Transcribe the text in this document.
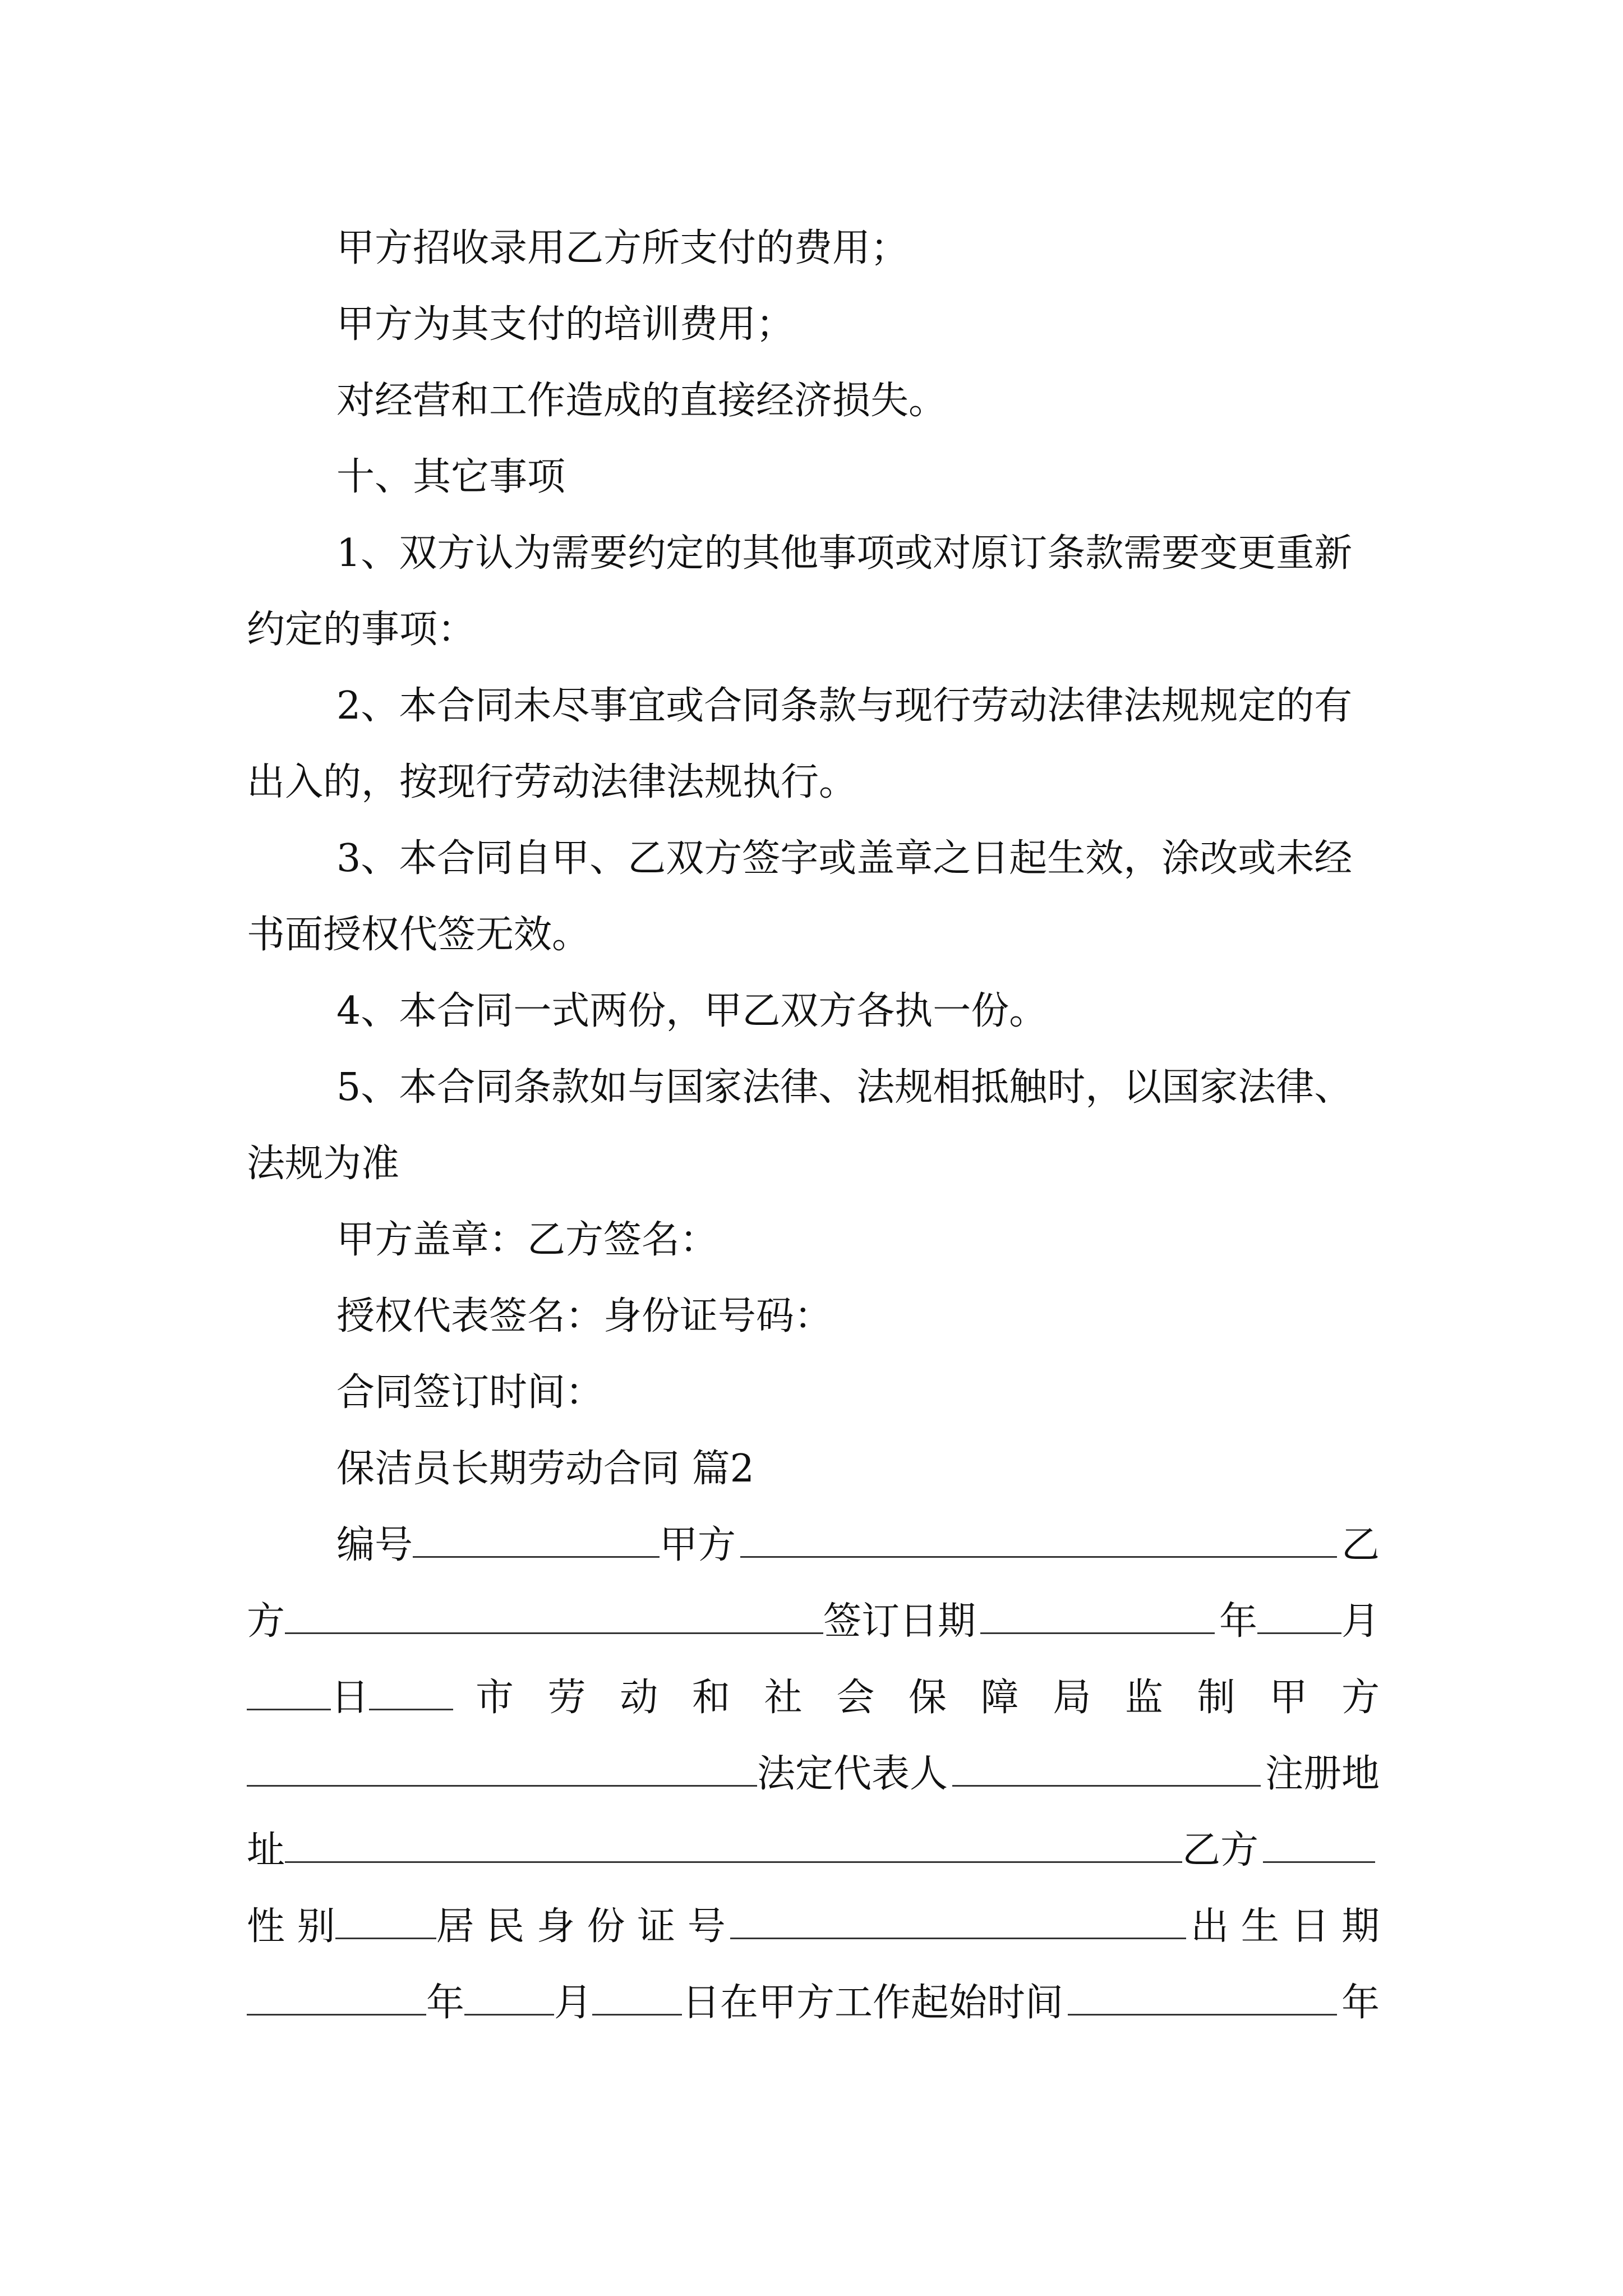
甲方招收录用乙方所支付的费用；

甲方为其支付的培训费用；

对经营和工作造成的直接经济损失。

十、其它事项

1、双方认为需要约定的其他事项或对原订条款需要变更重新约定的事项：

2、本合同未尽事宜或合同条款与现行劳动法律法规规定的有出入的，按现行劳动法律法规执行。

3、本合同自甲、乙双方签字或盖章之日起生效，涂改或未经书面授权代签无效。

4、本合同一式两份，甲乙双方各执一份。

5、本合同条款如与国家法律、法规相抵触时，以国家法律、法规为准

甲方盖章：乙方签名：

授权代表签名：身份证号码：

合同签订时间：

保洁员长期劳动合同 篇2

编号	甲方	乙
方	签订日期	年 月
日	市 劳 动 和 社 会 保 障 局 监 制 甲 方
法定代表人	注册地
址	乙方
性 别	居 民 身 份 证 号	出 生 日 期
年 月 日在甲方工作起始时间	年
